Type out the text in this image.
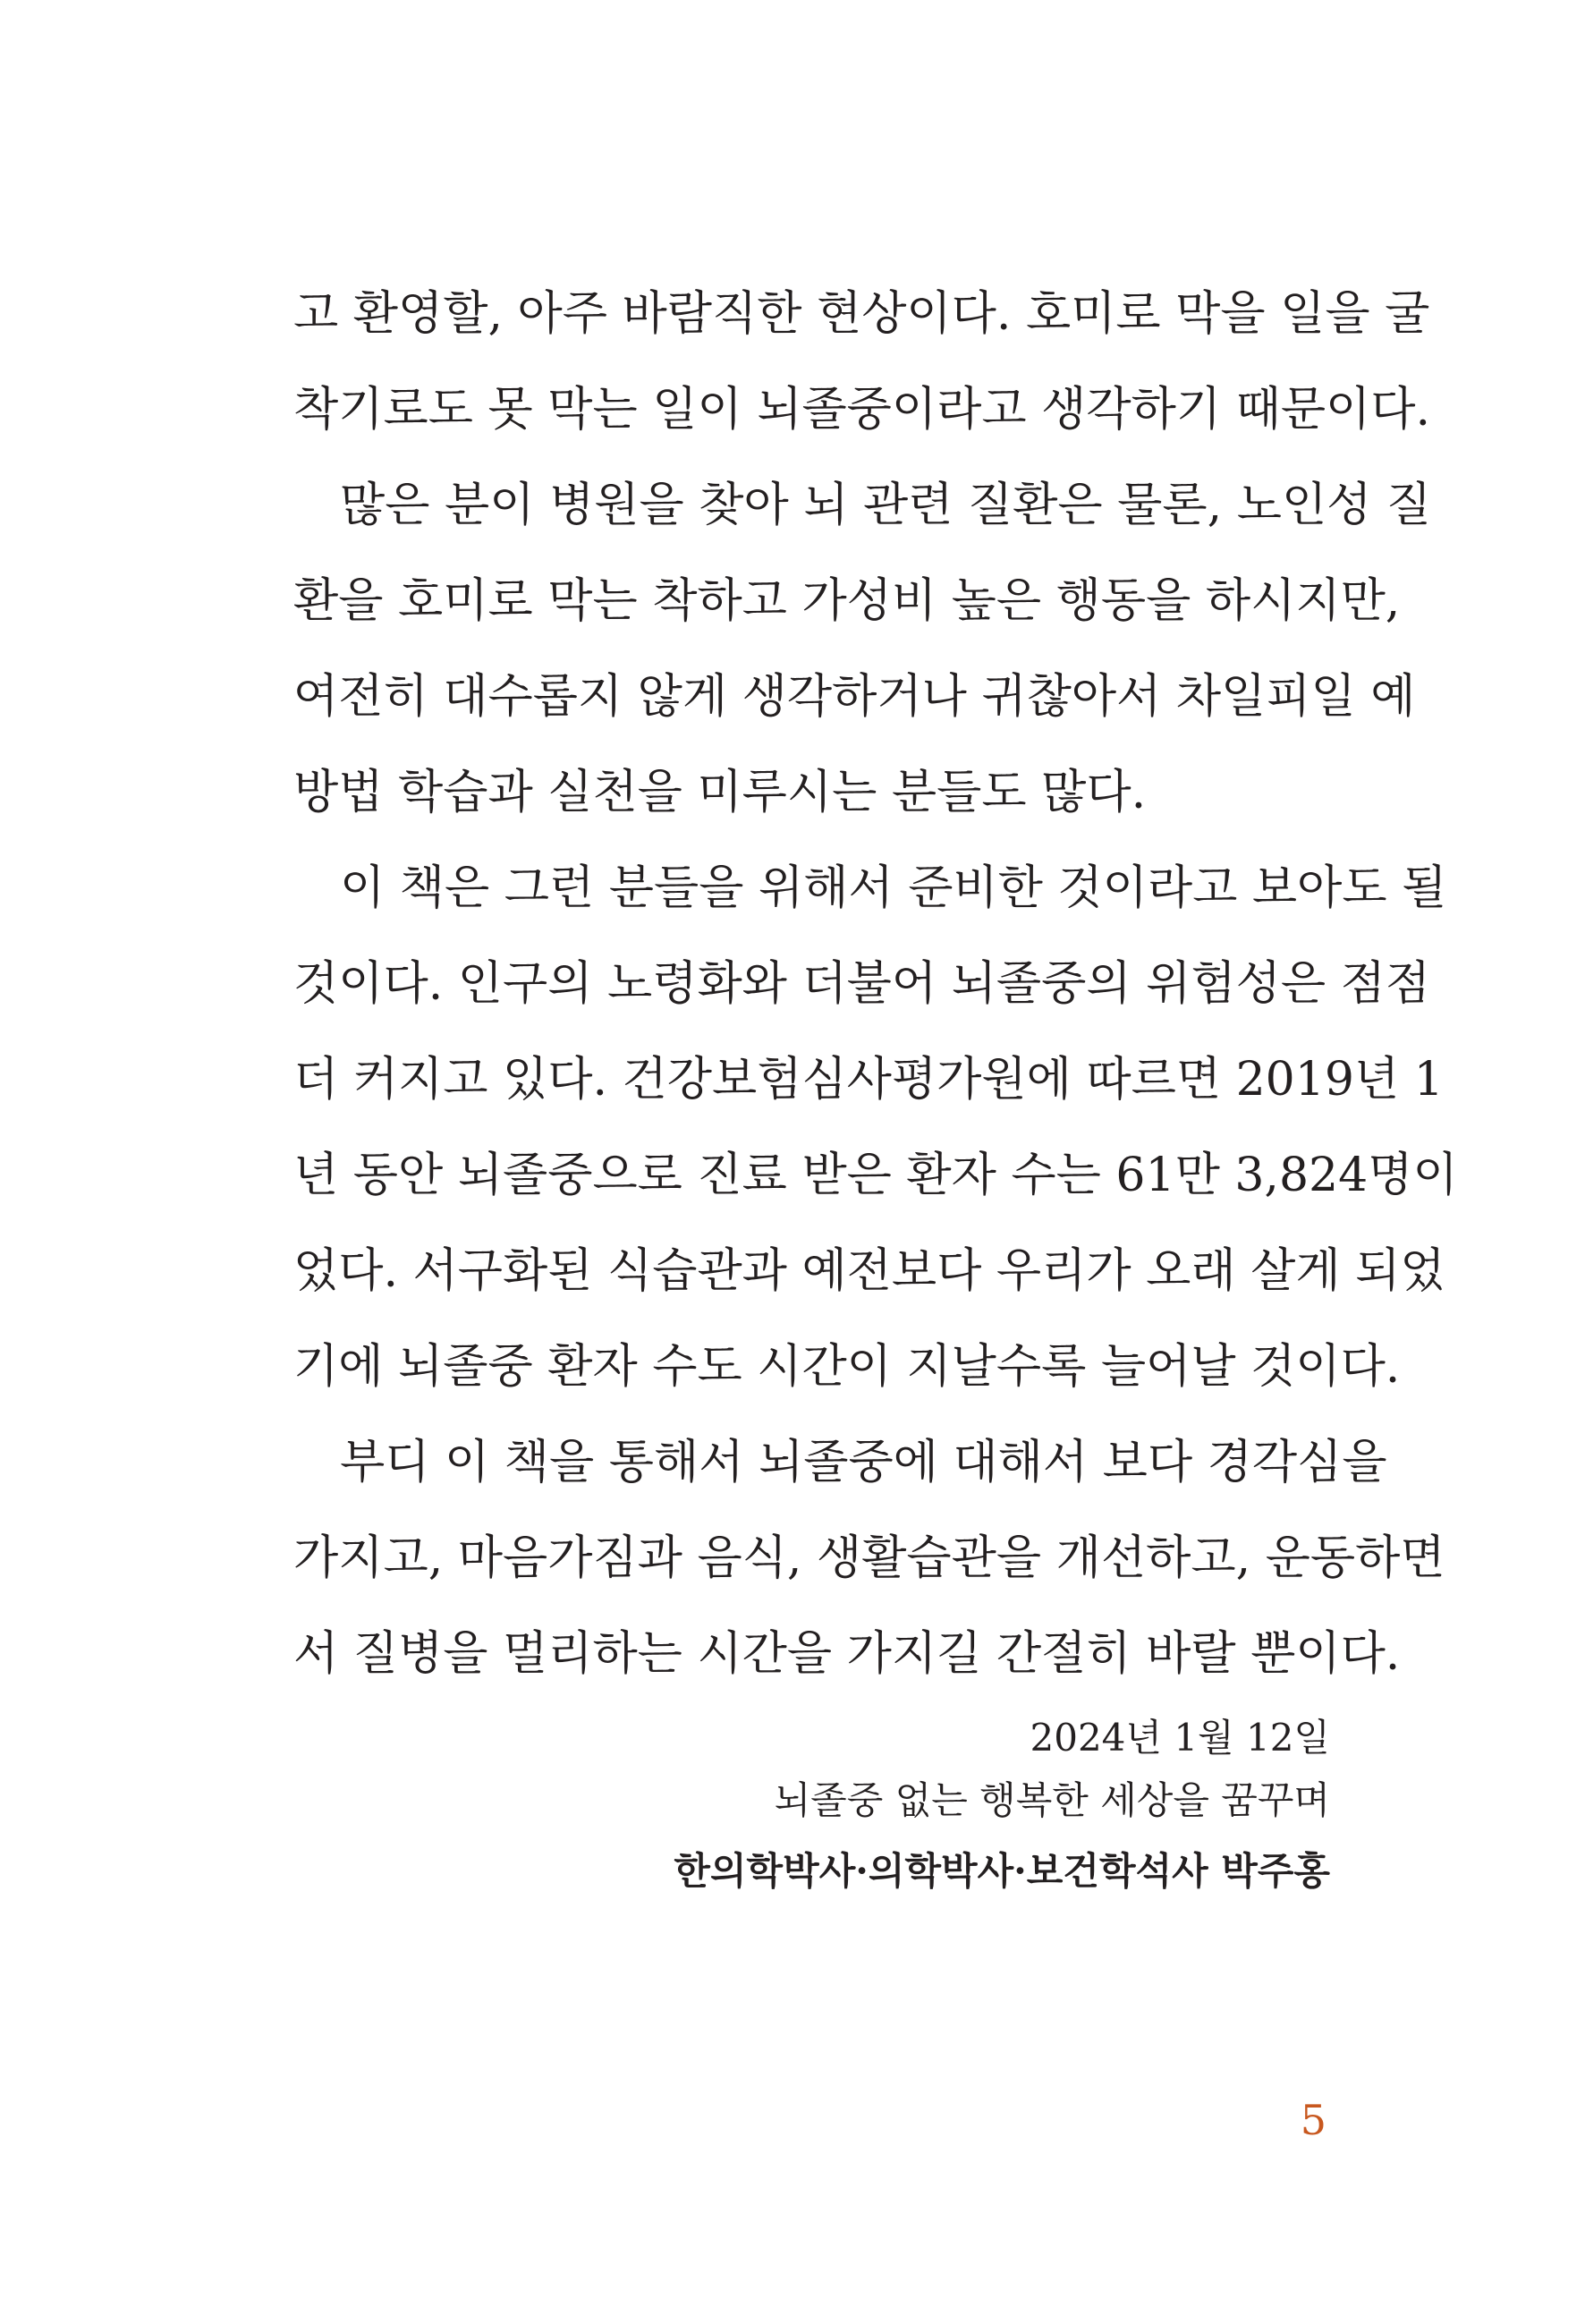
고 환영할, 아주 바람직한 현상이다. 호미로 막을 일을 굴
착기로도 못 막는 일이 뇌졸중이라고 생각하기 때문이다.
많은 분이 병원을 찾아 뇌 관련 질환은 물론, 노인성 질
환을 호미로 막는 착하고 가성비 높은 행동을 하시지만,
여전히 대수롭지 않게 생각하거나 귀찮아서 차일피일 예
방법 학습과 실천을 미루시는 분들도 많다.
이 책은 그런 분들을 위해서 준비한 것이라고 보아도 될
것이다. 인구의 노령화와 더불어 뇌졸중의 위험성은 점점
더 커지고 있다. 건강보험심사평가원에 따르면 2019년 1
년 동안 뇌졸중으로 진료 받은 환자 수는 61만 3,824명이
었다. 서구화된 식습관과 예전보다 우리가 오래 살게 되었
기에 뇌졸중 환자 수도 시간이 지날수록 늘어날 것이다.
부디 이 책을 통해서 뇌졸중에 대해서 보다 경각심을
가지고, 마음가짐과 음식, 생활습관을 개선하고, 운동하면
서 질병을 멀리하는 시간을 가지길 간절히 바랄 뿐이다.
2024년 1월 12일
뇌졸중 없는 행복한 세상을 꿈꾸며
한의학박사·의학박사·보건학석사 박주홍
5
